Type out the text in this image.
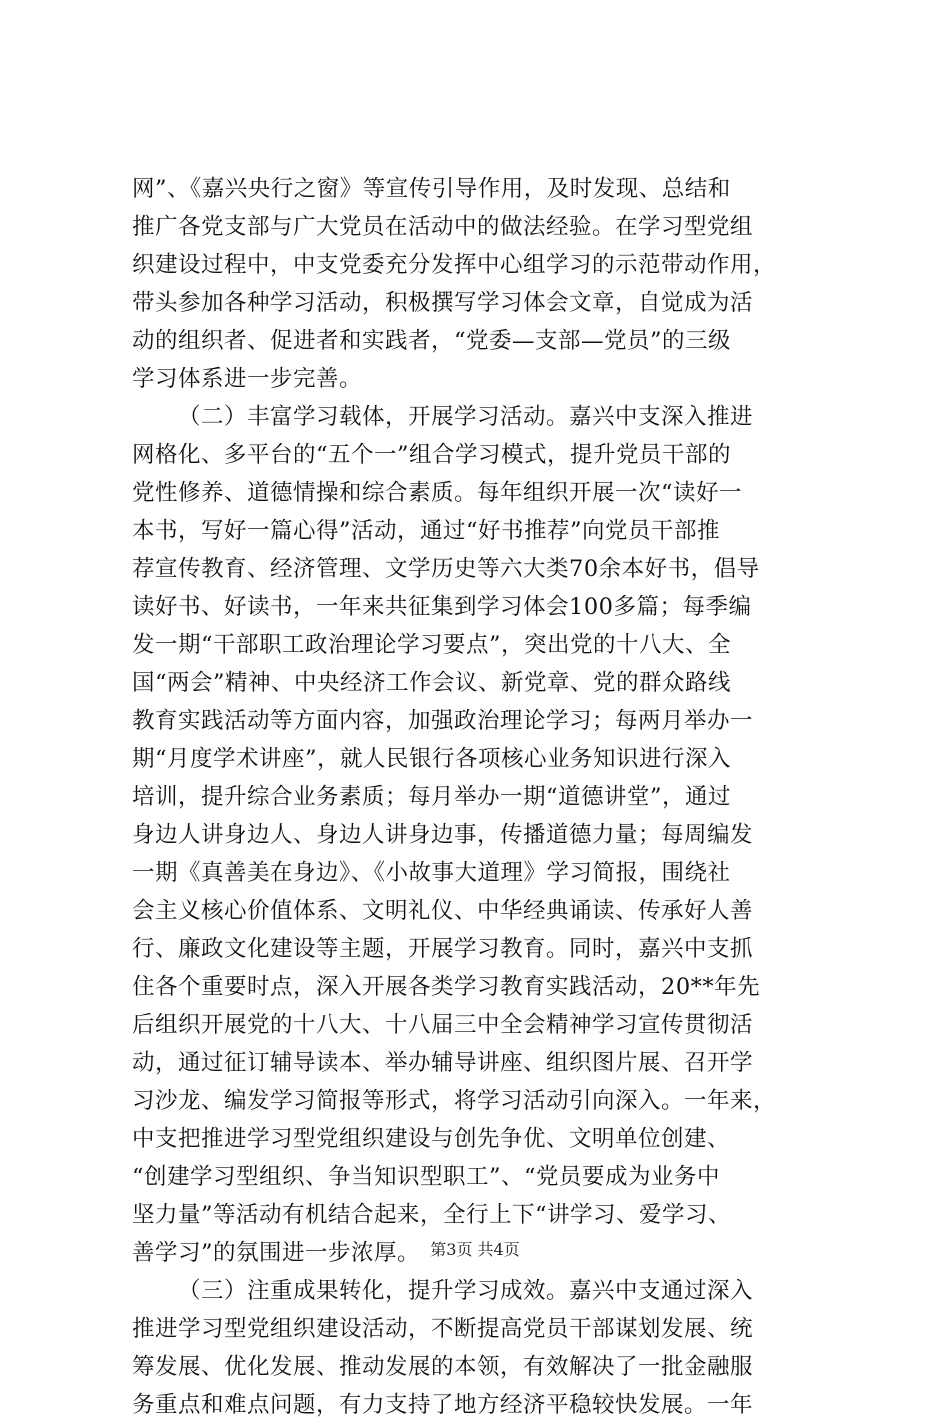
网”、《嘉兴央行之窗》等宣传引导作用，及时发现、总结和
推广各党支部与广大党员在活动中的做法经验。在学习型党组
织建设过程中，中支党委充分发挥中心组学习的示范带动作用，
带头参加各种学习活动，积极撰写学习体会文章，自觉成为活
动的组织者、促进者和实践者，“党委—支部—党员”的三级
学习体系进一步完善。
（二）丰富学习载体，开展学习活动。嘉兴中支深入推进
网格化、多平台的“五个一”组合学习模式，提升党员干部的
党性修养、道德情操和综合素质。每年组织开展一次“读好一
本书，写好一篇心得”活动，通过“好书推荐”向党员干部推
荐宣传教育、经济管理、文学历史等六大类70余本好书，倡导
读好书、好读书，一年来共征集到学习体会100多篇；每季编
发一期“干部职工政治理论学习要点”，突出党的十八大、全
国“两会”精神、中央经济工作会议、新党章、党的群众路线
教育实践活动等方面内容，加强政治理论学习；每两月举办一
期“月度学术讲座”，就人民银行各项核心业务知识进行深入
培训，提升综合业务素质；每月举办一期“道德讲堂”，通过
身边人讲身边人、身边人讲身边事，传播道德力量；每周编发
一期《真善美在身边》、《小故事大道理》学习简报，围绕社
会主义核心价值体系、文明礼仪、中华经典诵读、传承好人善
行、廉政文化建设等主题，开展学习教育。同时，嘉兴中支抓
住各个重要时点，深入开展各类学习教育实践活动，20**年先
后组织开展党的十八大、十八届三中全会精神学习宣传贯彻活
动，通过征订辅导读本、举办辅导讲座、组织图片展、召开学
习沙龙、编发学习简报等形式，将学习活动引向深入。一年来，
中支把推进学习型党组织建设与创先争优、文明单位创建、
“创建学习型组织、争当知识型职工”、“党员要成为业务中
坚力量”等活动有机结合起来，全行上下“讲学习、爱学习、
善学习”的氛围进一步浓厚。
（三）注重成果转化，提升学习成效。嘉兴中支通过深入
推进学习型党组织建设活动，不断提高党员干部谋划发展、统
筹发展、优化发展、推动发展的本领，有效解决了一批金融服
务重点和难点问题，有力支持了地方经济平稳较快发展。一年
第3页 共4页
